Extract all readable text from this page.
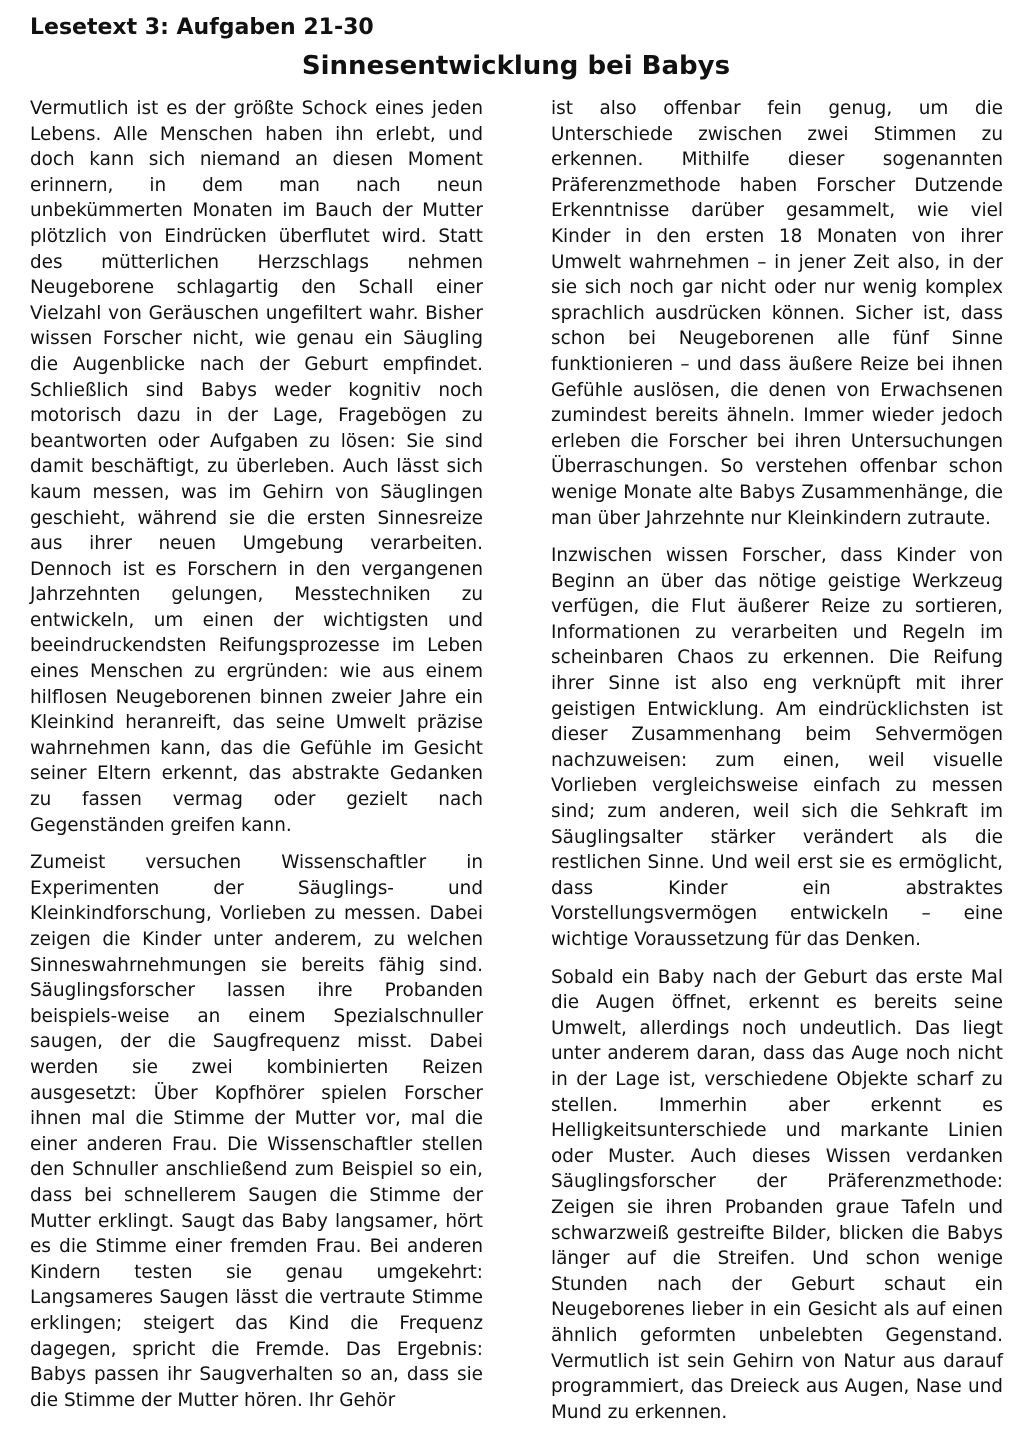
Lesetext 3: Aufgaben 21-30
Sinnesentwicklung bei Babys

Vermutlich ist es der größte Schock eines jeden Lebens. Alle Menschen haben ihn erlebt, und doch kann sich niemand an diesen Moment erinnern, in dem man nach neun unbekümmerten Monaten im Bauch der Mutter plötzlich von Eindrücken überflutet wird. Statt des mütterlichen Herzschlags nehmen Neugeborene schlagartig den Schall einer Vielzahl von Geräuschen ungefiltert wahr. Bisher wissen Forscher nicht, wie genau ein Säugling die Augenblicke nach der Geburt empfindet. Schließlich sind Babys weder kognitiv noch motorisch dazu in der Lage, Fragebögen zu beantworten oder Aufgaben zu lösen: Sie sind damit beschäftigt, zu überleben. Auch lässt sich kaum messen, was im Gehirn von Säuglingen geschieht, während sie die ersten Sinnesreize aus ihrer neuen Umgebung verarbeiten. Dennoch ist es Forschern in den vergangenen Jahrzehnten gelungen, Messtechniken zu entwickeln, um einen der wichtigsten und beeindruckendsten Reifungsprozesse im Leben eines Menschen zu ergründen: wie aus einem hilflosen Neugeborenen binnen zweier Jahre ein Kleinkind heranreift, das seine Umwelt präzise wahrnehmen kann, das die Gefühle im Gesicht seiner Eltern erkennt, das abstrakte Gedanken zu fassen vermag oder gezielt nach Gegenständen greifen kann.

Zumeist versuchen Wissenschaftler in Experimenten der Säuglings- und Kleinkindforschung, Vorlieben zu messen. Dabei zeigen die Kinder unter anderem, zu welchen Sinneswahrnehmungen sie bereits fähig sind. Säuglingsforscher lassen ihre Probanden beispiels-weise an einem Spezialschnuller saugen, der die Saugfrequenz misst. Dabei werden sie zwei kombinierten Reizen ausgesetzt: Über Kopfhörer spielen Forscher ihnen mal die Stimme der Mutter vor, mal die einer anderen Frau. Die Wissenschaftler stellen den Schnuller anschließend zum Beispiel so ein, dass bei schnellerem Saugen die Stimme der Mutter erklingt. Saugt das Baby langsamer, hört es die Stimme einer fremden Frau. Bei anderen Kindern testen sie genau umgekehrt: Langsameres Saugen lässt die vertraute Stimme erklingen; steigert das Kind die Frequenz dagegen, spricht die Fremde. Das Ergebnis: Babys passen ihr Saugverhalten so an, dass sie die Stimme der Mutter hören. Ihr Gehör

ist also offenbar fein genug, um die Unterschiede zwischen zwei Stimmen zu erkennen. Mithilfe dieser sogenannten Präferenzmethode haben Forscher Dutzende Erkenntnisse darüber gesammelt, wie viel Kinder in den ersten 18 Monaten von ihrer Umwelt wahrnehmen – in jener Zeit also, in der sie sich noch gar nicht oder nur wenig komplex sprachlich ausdrücken können. Sicher ist, dass schon bei Neugeborenen alle fünf Sinne funktionieren – und dass äußere Reize bei ihnen Gefühle auslösen, die denen von Erwachsenen zumindest bereits ähneln. Immer wieder jedoch erleben die Forscher bei ihren Untersuchungen Überraschungen. So verstehen offenbar schon wenige Monate alte Babys Zusammenhänge, die man über Jahrzehnte nur Kleinkindern zutraute.

Inzwischen wissen Forscher, dass Kinder von Beginn an über das nötige geistige Werkzeug verfügen, die Flut äußerer Reize zu sortieren, Informationen zu verarbeiten und Regeln im scheinbaren Chaos zu erkennen. Die Reifung ihrer Sinne ist also eng verknüpft mit ihrer geistigen Entwicklung. Am eindrücklichsten ist dieser Zusammenhang beim Sehvermögen nachzuweisen: zum einen, weil visuelle Vorlieben vergleichsweise einfach zu messen sind; zum anderen, weil sich die Sehkraft im Säuglingsalter stärker verändert als die restlichen Sinne. Und weil erst sie es ermöglicht, dass Kinder ein abstraktes Vorstellungsvermögen entwickeln – eine wichtige Voraussetzung für das Denken.

Sobald ein Baby nach der Geburt das erste Mal die Augen öffnet, erkennt es bereits seine Umwelt, allerdings noch undeutlich. Das liegt unter anderem daran, dass das Auge noch nicht in der Lage ist, verschiedene Objekte scharf zu stellen. Immerhin aber erkennt es Helligkeitsunterschiede und markante Linien oder Muster. Auch dieses Wissen verdanken Säuglingsforscher der Präferenzmethode: Zeigen sie ihren Probanden graue Tafeln und schwarzweiß gestreifte Bilder, blicken die Babys länger auf die Streifen. Und schon wenige Stunden nach der Geburt schaut ein Neugeborenes lieber in ein Gesicht als auf einen ähnlich geformten unbelebten Gegenstand. Vermutlich ist sein Gehirn von Natur aus darauf programmiert, das Dreieck aus Augen, Nase und Mund zu erkennen.
